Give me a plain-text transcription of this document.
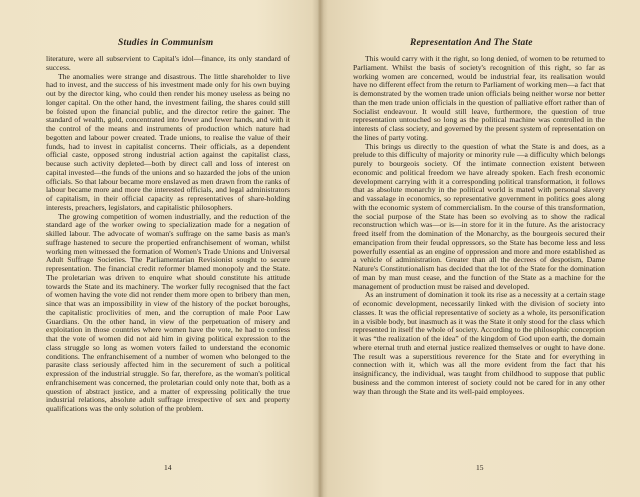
Studies in Communism

literature, were all subservient to Capital's idol—finance, its only standard of success.

The anomalies were strange and disastrous. The little shareholder to live had to invest, and the success of his investment made only for his own buying out by the director king, who could then render his money useless as being no longer capital. On the other hand, the investment failing, the shares could still be foisted upon the financial public, and the director retire the gainer. The standard of wealth, gold, concentrated into fewer and fewer hands, and with it the control of the means and instruments of production which nature had begotten and labour power created. Trade unions, to realise the value of their funds, had to invest in capitalist concerns. Their officials, as a dependent official caste, opposed strong industrial action against the capitalist class, because such activity depleted—both by direct call and loss of interest on capital invested—the funds of the unions and so hazarded the jobs of the union officials. So that labour became more enslaved as men drawn from the ranks of labour became more and more the interested officials, and legal administrators of capitalism, in their official capacity as representatives of share-holding interests, preachers, legislators, and capitalistic philosophers.

The growing competition of women industrially, and the reduction of the standard age of the worker owing to specialization made for a negation of skilled labour. The advocate of woman's suffrage on the same basis as man's suffrage hastened to secure the propertied enfranchisement of woman, whilst working men witnessed the formation of Women's Trade Unions and Universal Adult Suffrage Societies. The Parliamentarian Revisionist sought to secure representation. The financial credit reformer blamed monopoly and the State. The proletarian was driven to enquire what should constitute his attitude towards the State and its machinery. The worker fully recognised that the fact of women having the vote did not render them more open to bribery than men, since that was an impossibility in view of the history of the pocket boroughs, the capitalistic proclivities of men, and the corruption of male Poor Law Guardians. On the other hand, in view of the perpetuation of misery and exploitation in those countries where women have the vote, he had to confess that the vote of women did not aid him in giving political expression to the class struggle so long as women voters failed to understand the economic conditions. The enfranchisement of a number of women who belonged to the parasite class seriously affected him in the securement of such a political expression of the industrial struggle. So far, therefore, as the woman's political enfranchisement was concerned, the proletarian could only note that, both as a question of abstract justice, and a matter of expressing politically the true industrial relations, absolute adult suffrage irrespective of sex and property qualifications was the only solution of the problem.

14
Representation And The State

This would carry with it the right, so long denied, of women to be returned to Parliament. Whilst the basis of society's recognition of this right, so far as working women are concerned, would be industrial fear, its realisation would have no different effect from the return to Parliament of working men—a fact that is demonstrated by the women trade union officials being neither worse nor better than the men trade union officials in the question of palliative effort rather than of Socialist endeavour. It would still leave, furthermore, the question of true representation untouched so long as the political machine was controlled in the interests of class society, and governed by the present system of representation on the lines of party voting.

This brings us directly to the question of what the State is and does, as a prelude to this difficulty of majority or minority rule —a difficulty which belongs purely to bourgeois society. Of the intimate connection existent between economic and political freedom we have already spoken. Each fresh economic development carrying with it a corresponding political transformation, it follows that as absolute monarchy in the political world is mated with personal slavery and vassalage in economics, so representative government in politics goes along with the economic system of commercialism. In the course of this transformation, the social purpose of the State has been so evolving as to show the radical reconstruction which was—or is—in store for it in the future. As the aristocracy freed itself from the domination of the Monarchy, as the bourgeois secured their emancipation from their feudal oppressors, so the State has become less and less powerfully essential as an engine of oppression and more and more established as a vehicle of administration. Greater than all the decrees of despotism, Dame Nature's Constitutionalism has decided that the lot of the State for the domination of man by man must cease, and the function of the State as a machine for the management of production must be raised and developed.

As an instrument of domination it took its rise as a necessity at a certain stage of economic development, necessarily linked with the division of society into classes. It was the official representative of society as a whole, its personification in a visible body, but inasmuch as it was the State it only stood for the class which represented in itself the whole of society. According to the philosophic conception it was “the realization of the idea” of the kingdom of God upon earth, the domain where eternal truth and eternal justice realized themselves or ought to have done. The result was a superstitious reverence for the State and for everything in connection with it, which was all the more evident from the fact that his insignificancy, the individual, was taught from childhood to suppose that public business and the common interest of society could not be cared for in any other way than through the State and its well-paid employees.

15
